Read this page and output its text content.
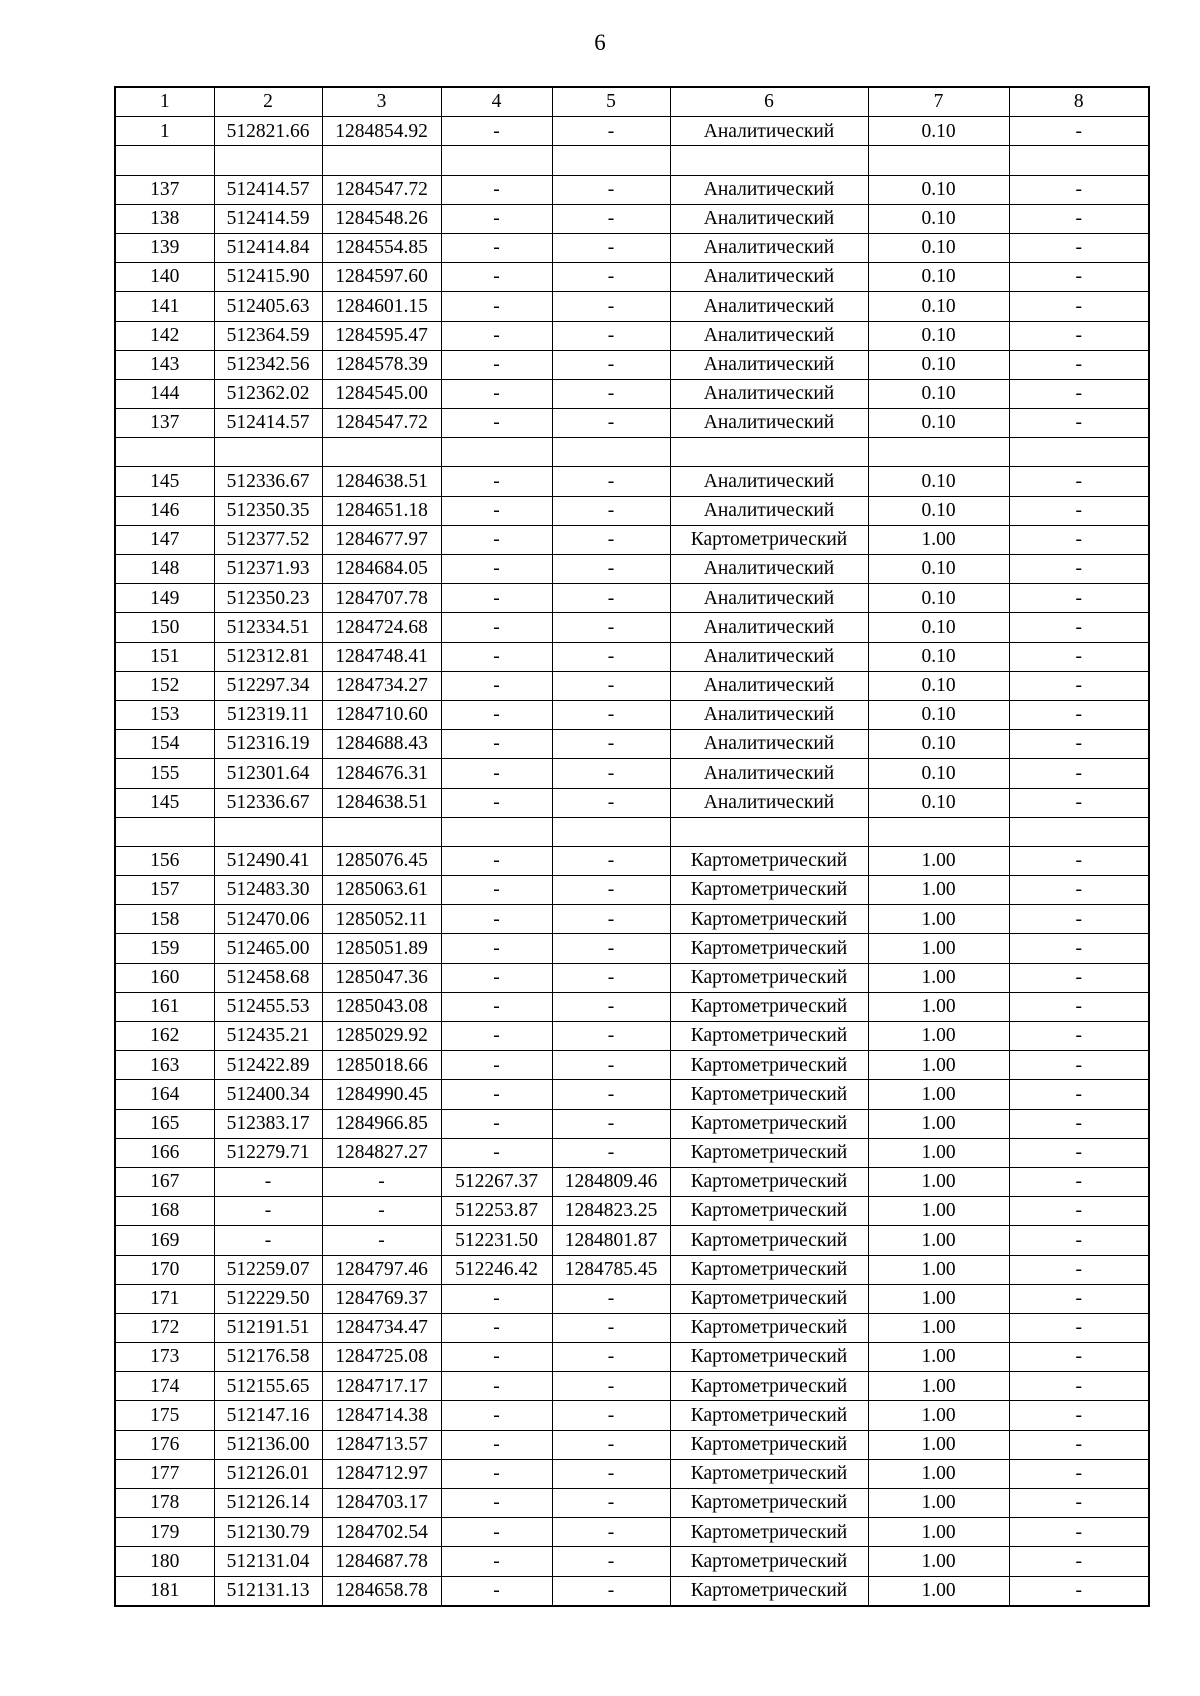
6
1	2	3	4	5	6	7	8
1	512821.66	1284854.92	-	-	Аналитический	0.10	-

137	512414.57	1284547.72	-	-	Аналитический	0.10	-
138	512414.59	1284548.26	-	-	Аналитический	0.10	-
139	512414.84	1284554.85	-	-	Аналитический	0.10	-
140	512415.90	1284597.60	-	-	Аналитический	0.10	-
141	512405.63	1284601.15	-	-	Аналитический	0.10	-
142	512364.59	1284595.47	-	-	Аналитический	0.10	-
143	512342.56	1284578.39	-	-	Аналитический	0.10	-
144	512362.02	1284545.00	-	-	Аналитический	0.10	-
137	512414.57	1284547.72	-	-	Аналитический	0.10	-

145	512336.67	1284638.51	-	-	Аналитический	0.10	-
146	512350.35	1284651.18	-	-	Аналитический	0.10	-
147	512377.52	1284677.97	-	-	Картометрический	1.00	-
148	512371.93	1284684.05	-	-	Аналитический	0.10	-
149	512350.23	1284707.78	-	-	Аналитический	0.10	-
150	512334.51	1284724.68	-	-	Аналитический	0.10	-
151	512312.81	1284748.41	-	-	Аналитический	0.10	-
152	512297.34	1284734.27	-	-	Аналитический	0.10	-
153	512319.11	1284710.60	-	-	Аналитический	0.10	-
154	512316.19	1284688.43	-	-	Аналитический	0.10	-
155	512301.64	1284676.31	-	-	Аналитический	0.10	-
145	512336.67	1284638.51	-	-	Аналитический	0.10	-

156	512490.41	1285076.45	-	-	Картометрический	1.00	-
157	512483.30	1285063.61	-	-	Картометрический	1.00	-
158	512470.06	1285052.11	-	-	Картометрический	1.00	-
159	512465.00	1285051.89	-	-	Картометрический	1.00	-
160	512458.68	1285047.36	-	-	Картометрический	1.00	-
161	512455.53	1285043.08	-	-	Картометрический	1.00	-
162	512435.21	1285029.92	-	-	Картометрический	1.00	-
163	512422.89	1285018.66	-	-	Картометрический	1.00	-
164	512400.34	1284990.45	-	-	Картометрический	1.00	-
165	512383.17	1284966.85	-	-	Картометрический	1.00	-
166	512279.71	1284827.27	-	-	Картометрический	1.00	-
167	-	-	512267.37	1284809.46	Картометрический	1.00	-
168	-	-	512253.87	1284823.25	Картометрический	1.00	-
169	-	-	512231.50	1284801.87	Картометрический	1.00	-
170	512259.07	1284797.46	512246.42	1284785.45	Картометрический	1.00	-
171	512229.50	1284769.37	-	-	Картометрический	1.00	-
172	512191.51	1284734.47	-	-	Картометрический	1.00	-
173	512176.58	1284725.08	-	-	Картометрический	1.00	-
174	512155.65	1284717.17	-	-	Картометрический	1.00	-
175	512147.16	1284714.38	-	-	Картометрический	1.00	-
176	512136.00	1284713.57	-	-	Картометрический	1.00	-
177	512126.01	1284712.97	-	-	Картометрический	1.00	-
178	512126.14	1284703.17	-	-	Картометрический	1.00	-
179	512130.79	1284702.54	-	-	Картометрический	1.00	-
180	512131.04	1284687.78	-	-	Картометрический	1.00	-
181	512131.13	1284658.78	-	-	Картометрический	1.00	-
